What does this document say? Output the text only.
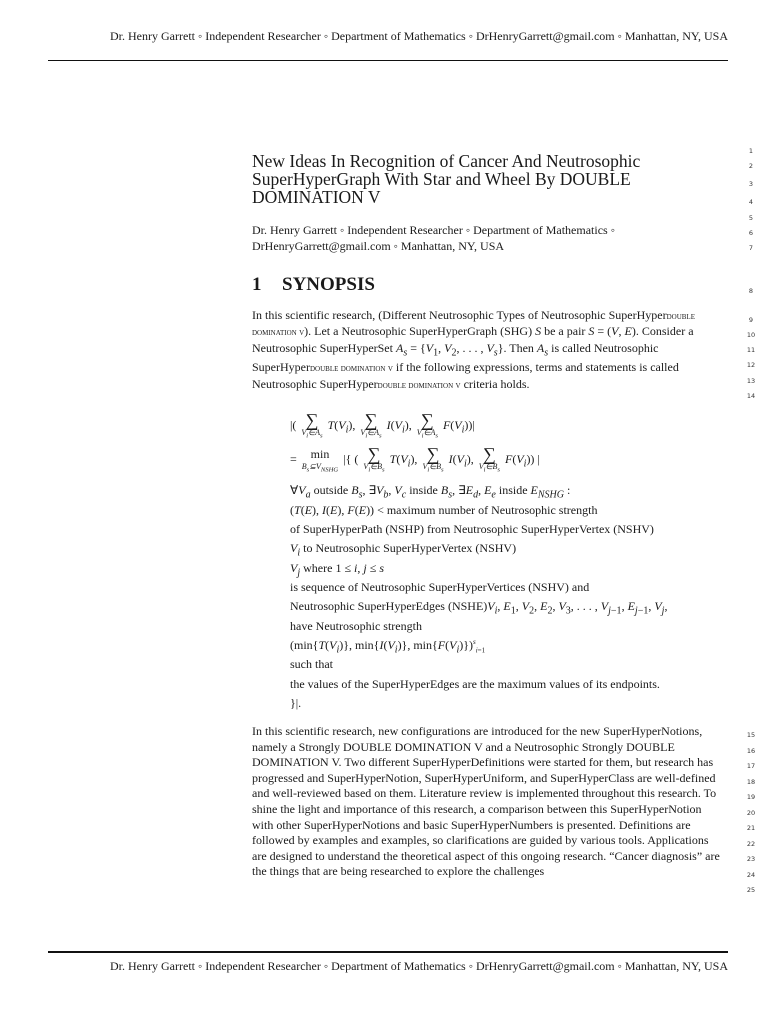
Dr. Henry Garrett ◦ Independent Researcher ◦ Department of Mathematics ◦ DrHenryGarrett@gmail.com ◦ Manhattan, NY, USA
New Ideas In Recognition of Cancer And Neutrosophic SuperHyperGraph With Star and Wheel By DOUBLE DOMINATION V
Dr. Henry Garrett ◦ Independent Researcher ◦ Department of Mathematics ◦ DrHenryGarrett@gmail.com ◦ Manhattan, NY, USA
1 SYNOPSIS
In this scientific research, (Different Neutrosophic Types of Neutrosophic SuperHyperdouble domination v). Let a Neutrosophic SuperHyperGraph (SHG) S be a pair S = (V, E). Consider a Neutrosophic SuperHyperSet $A_s = \{V_1$, $V_2$, . . . , $V_s$}. Then $A_s$ is called Neutrosophic SuperHyperdouble domination v if the following expressions, terms and statements is called Neutrosophic SuperHyperdouble domination v criteria holds.
|( ∑
$V_i\in A_s$
$T(V_i)$, ∑
$V_i\in A_s$
$I(V_i)$, ∑
$V_i\in A_s$
$F(V_i))|$
= min
$B_s⊆V_{NSHG}$
|{ ( ∑
$V_i\in B_s$
$T(V_i)$, ∑
$V_i\in B_s$
$I(V_i)$, ∑
$V_i\in B_s$
$F(V_i)$) |
$\forall V_a$ outside $B_s$, $\exists V_b$, $V_c$ inside $B_s$, $\exists E_d$, $E_e$ inside $E_{NSHG}$ :
(T(E), I(E), F(E)) < maximum number of Neutrosophic strength
of SuperHyperPath (NSHP) from Neutrosophic SuperHyperVertex (NSHV)
$V_i$ to Neutrosophic SuperHyperVertex (NSHV)
$V_j$ where 1 ≤ i, j ≤ s
is sequence of Neutrosophic SuperHyperVertices (NSHV) and
Neutrosophic SuperHyperEdges $(NSHE)V_i$, $E_1$, $V_2$, $E_2$, $V_3$, . . . , $V_{j-1}$, $E_{j-1}$, $V_j$,
have Neutrosophic strength
($\min\{T(V_i)\}$, $\min\{I(V_i)\}$, $\min\{F(V_i)\})^s_{i=1}$
such that
the values of the SuperHyperEdges are the maximum values of its endpoints.
}|.
In this scientific research, new configurations are introduced for the new SuperHyperNotions, namely a Strongly DOUBLE DOMINATION V and a Neutrosophic Strongly DOUBLE DOMINATION V. Two different SuperHyperDefinitions were started for them, but research has progressed and SuperHyperNotion, SuperHyperUniform, and SuperHyperClass are well-defined and well-reviewed based on them. Literature review is implemented throughout this research. To shine the light and importance of this research, a comparison between this SuperHyperNotion with other SuperHyperNotions and basic SuperHyperNumbers is presented. Definitions are followed by examples and examples, so clarifications are guided by various tools. Applications are designed to understand the theoretical aspect of this ongoing research. “Cancer diagnosis” are the things that are being researched to explore the challenges
1
2
3
4
5
6
7
8
9
10
11
12
13
14
15
16
17
18
19
20
21
22
23
24
25
Dr. Henry Garrett ◦ Independent Researcher ◦ Department of Mathematics ◦ DrHenryGarrett@gmail.com ◦ Manhattan, NY, USA
